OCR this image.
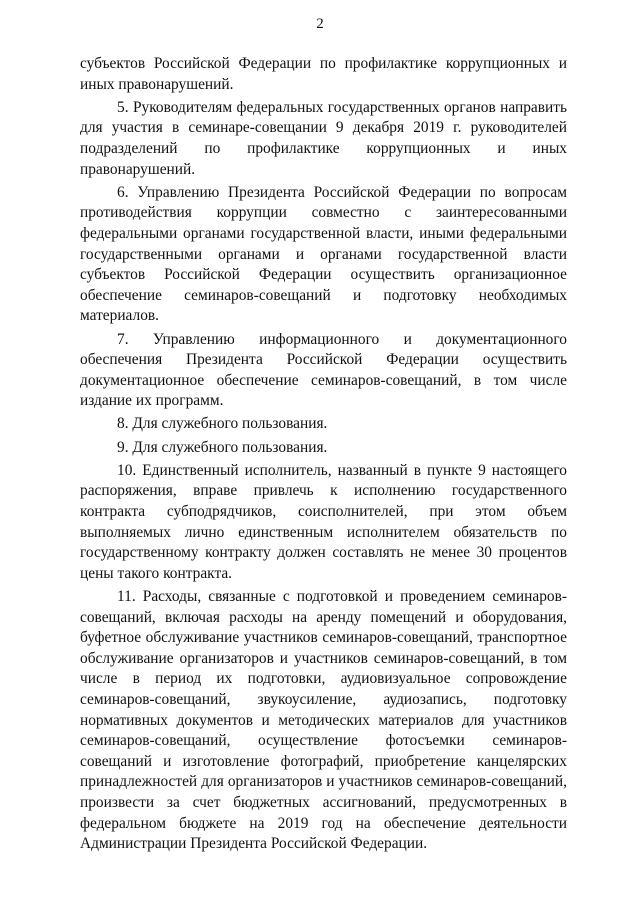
2

субъектов Российской Федерации по профилактике коррупционных и иных правонарушений.

5. Руководителям федеральных государственных органов направить для участия в семинаре-совещании 9 декабря 2019 г. руководителей подразделений по профилактике коррупционных и иных правонарушений.

6. Управлению Президента Российской Федерации по вопросам противодействия коррупции совместно с заинтересованными федеральными органами государственной власти, иными федеральными государственными органами и органами государственной власти субъектов Российской Федерации осуществить организационное обеспечение семинаров-совещаний и подготовку необходимых материалов.

7. Управлению информационного и документационного обеспечения Президента Российской Федерации осуществить документационное обеспечение семинаров-совещаний, в том числе издание их программ.

8. Для служебного пользования.

9. Для служебного пользования.

10. Единственный исполнитель, названный в пункте 9 настоящего распоряжения, вправе привлечь к исполнению государственного контракта субподрядчиков, соисполнителей, при этом объем выполняемых лично единственным исполнителем обязательств по государственному контракту должен составлять не менее 30 процентов цены такого контракта.

11. Расходы, связанные с подготовкой и проведением семинаров-совещаний, включая расходы на аренду помещений и оборудования, буфетное обслуживание участников семинаров-совещаний, транспортное обслуживание организаторов и участников семинаров-совещаний, в том числе в период их подготовки, аудиовизуальное сопровождение семинаров-совещаний, звукоусиление, аудиозапись, подготовку нормативных документов и методических материалов для участников семинаров-совещаний, осуществление фотосъемки семинаров-совещаний и изготовление фотографий, приобретение канцелярских принадлежностей для организаторов и участников семинаров-совещаний, произвести за счет бюджетных ассигнований, предусмотренных в федеральном бюджете на 2019 год на обеспечение деятельности Администрации Президента Российской Федерации.
